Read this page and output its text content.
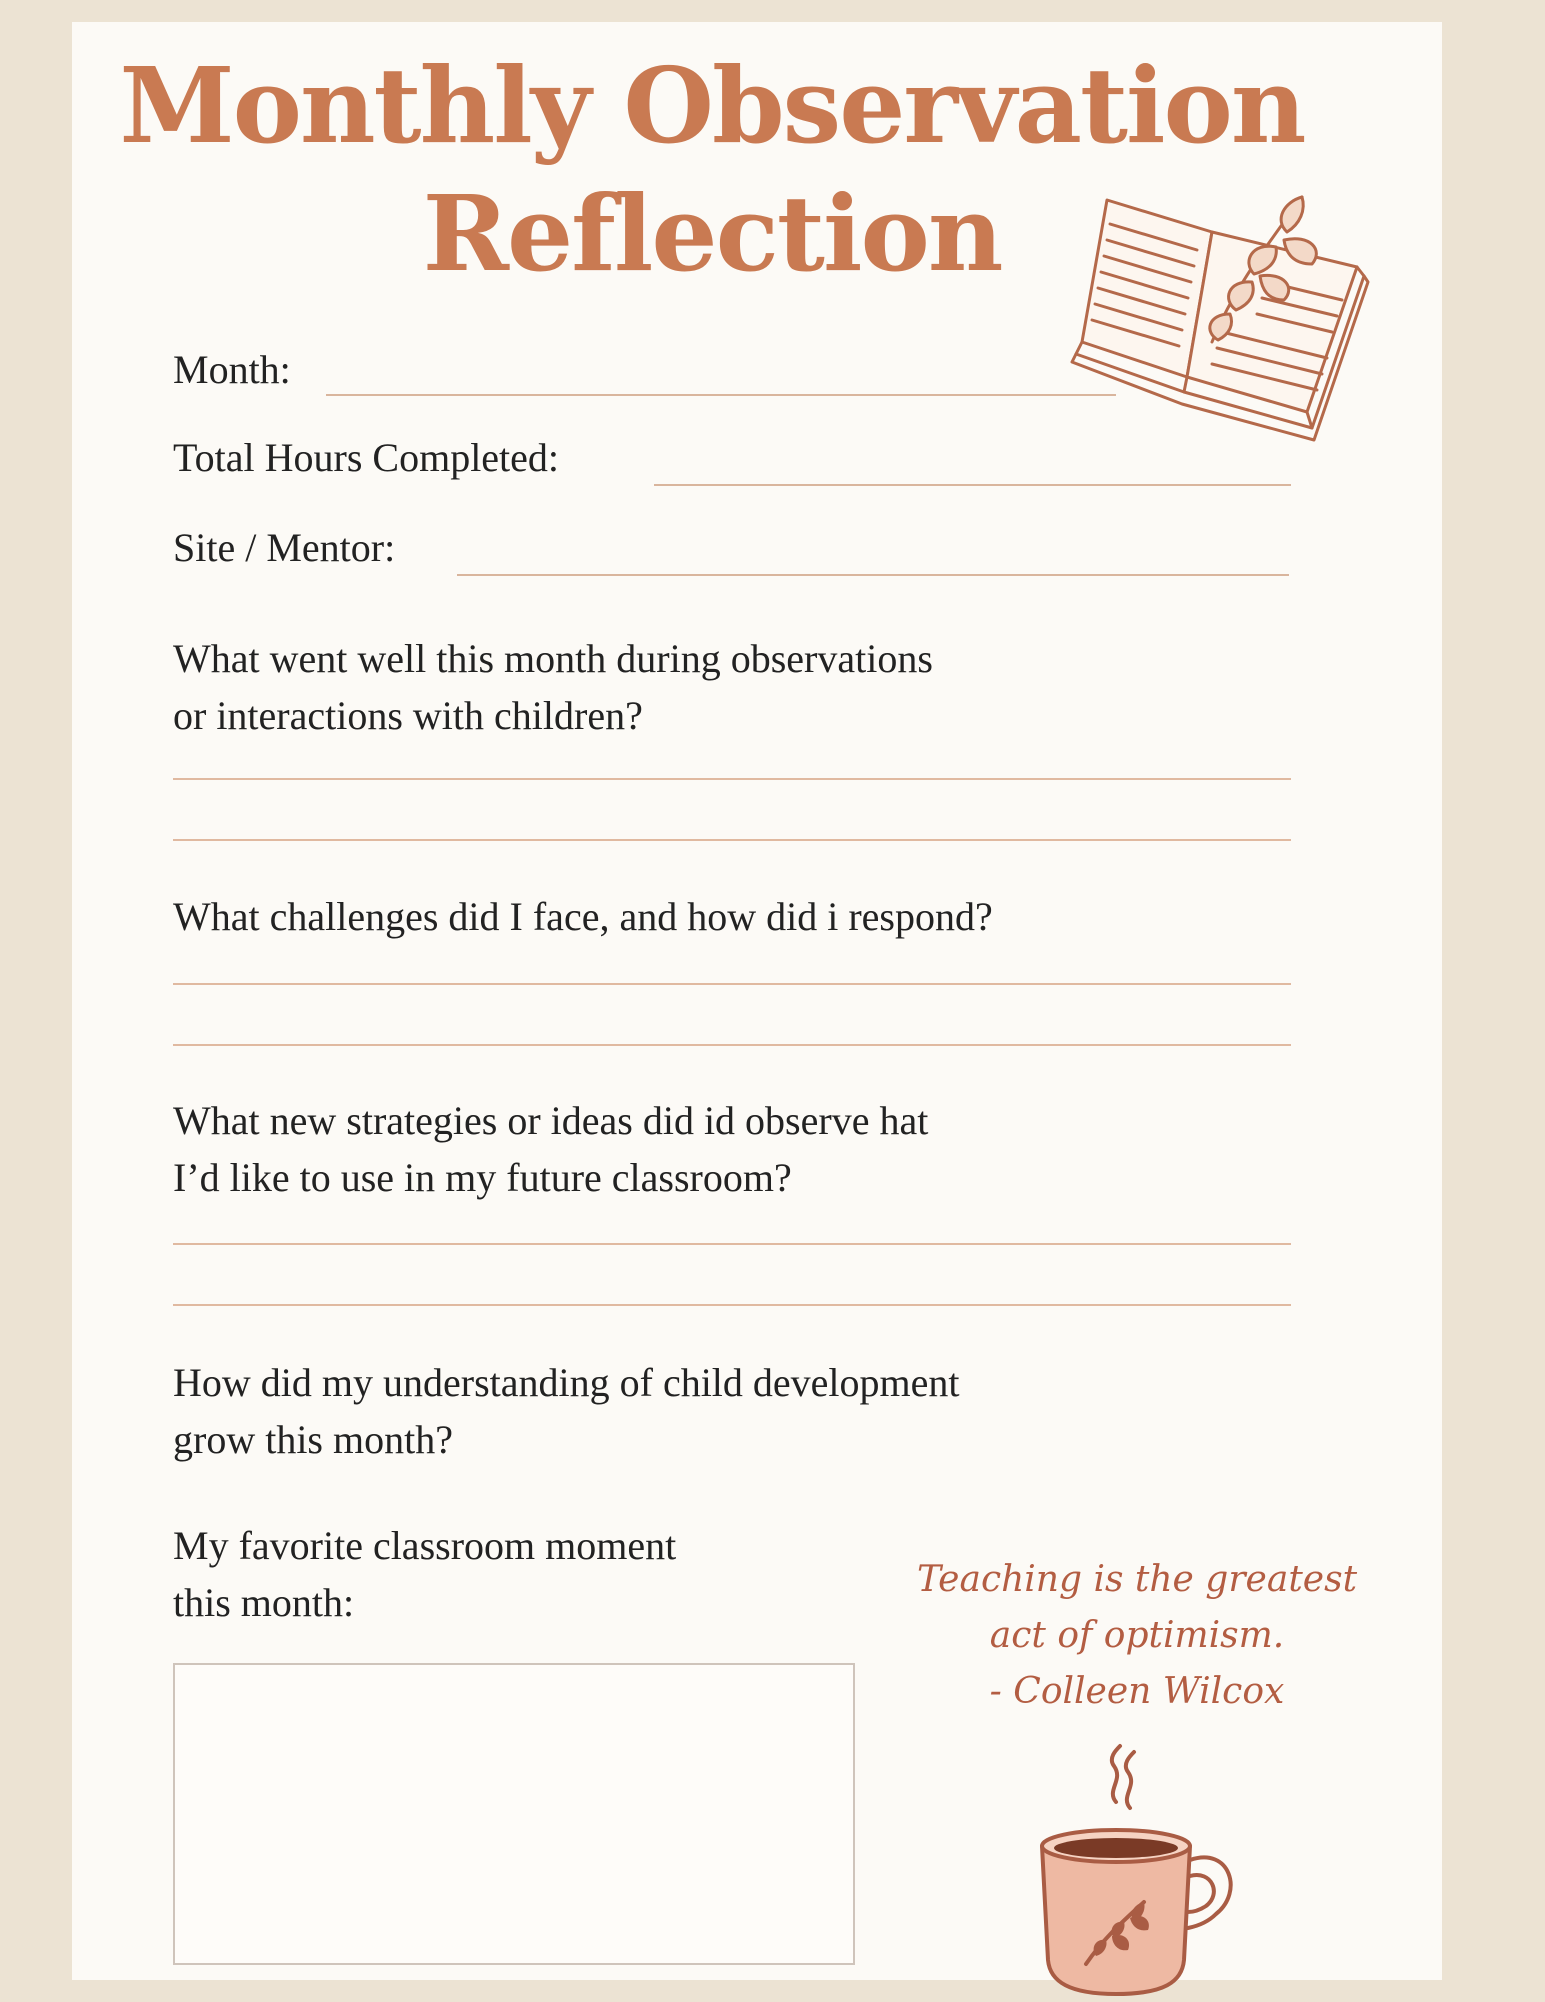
Monthly Observation
Reflection
Month:
Total Hours Completed:
Site / Mentor:
What went well this month during observations
or interactions with children?
What challenges did I face, and how did i respond?
What new strategies or ideas did id observe hat
I’d like to use in my future classroom?
How did my understanding of child development
grow this month?
My favorite classroom moment
this month:
Teaching is the greatest
act of optimism.
- Colleen Wilcox
